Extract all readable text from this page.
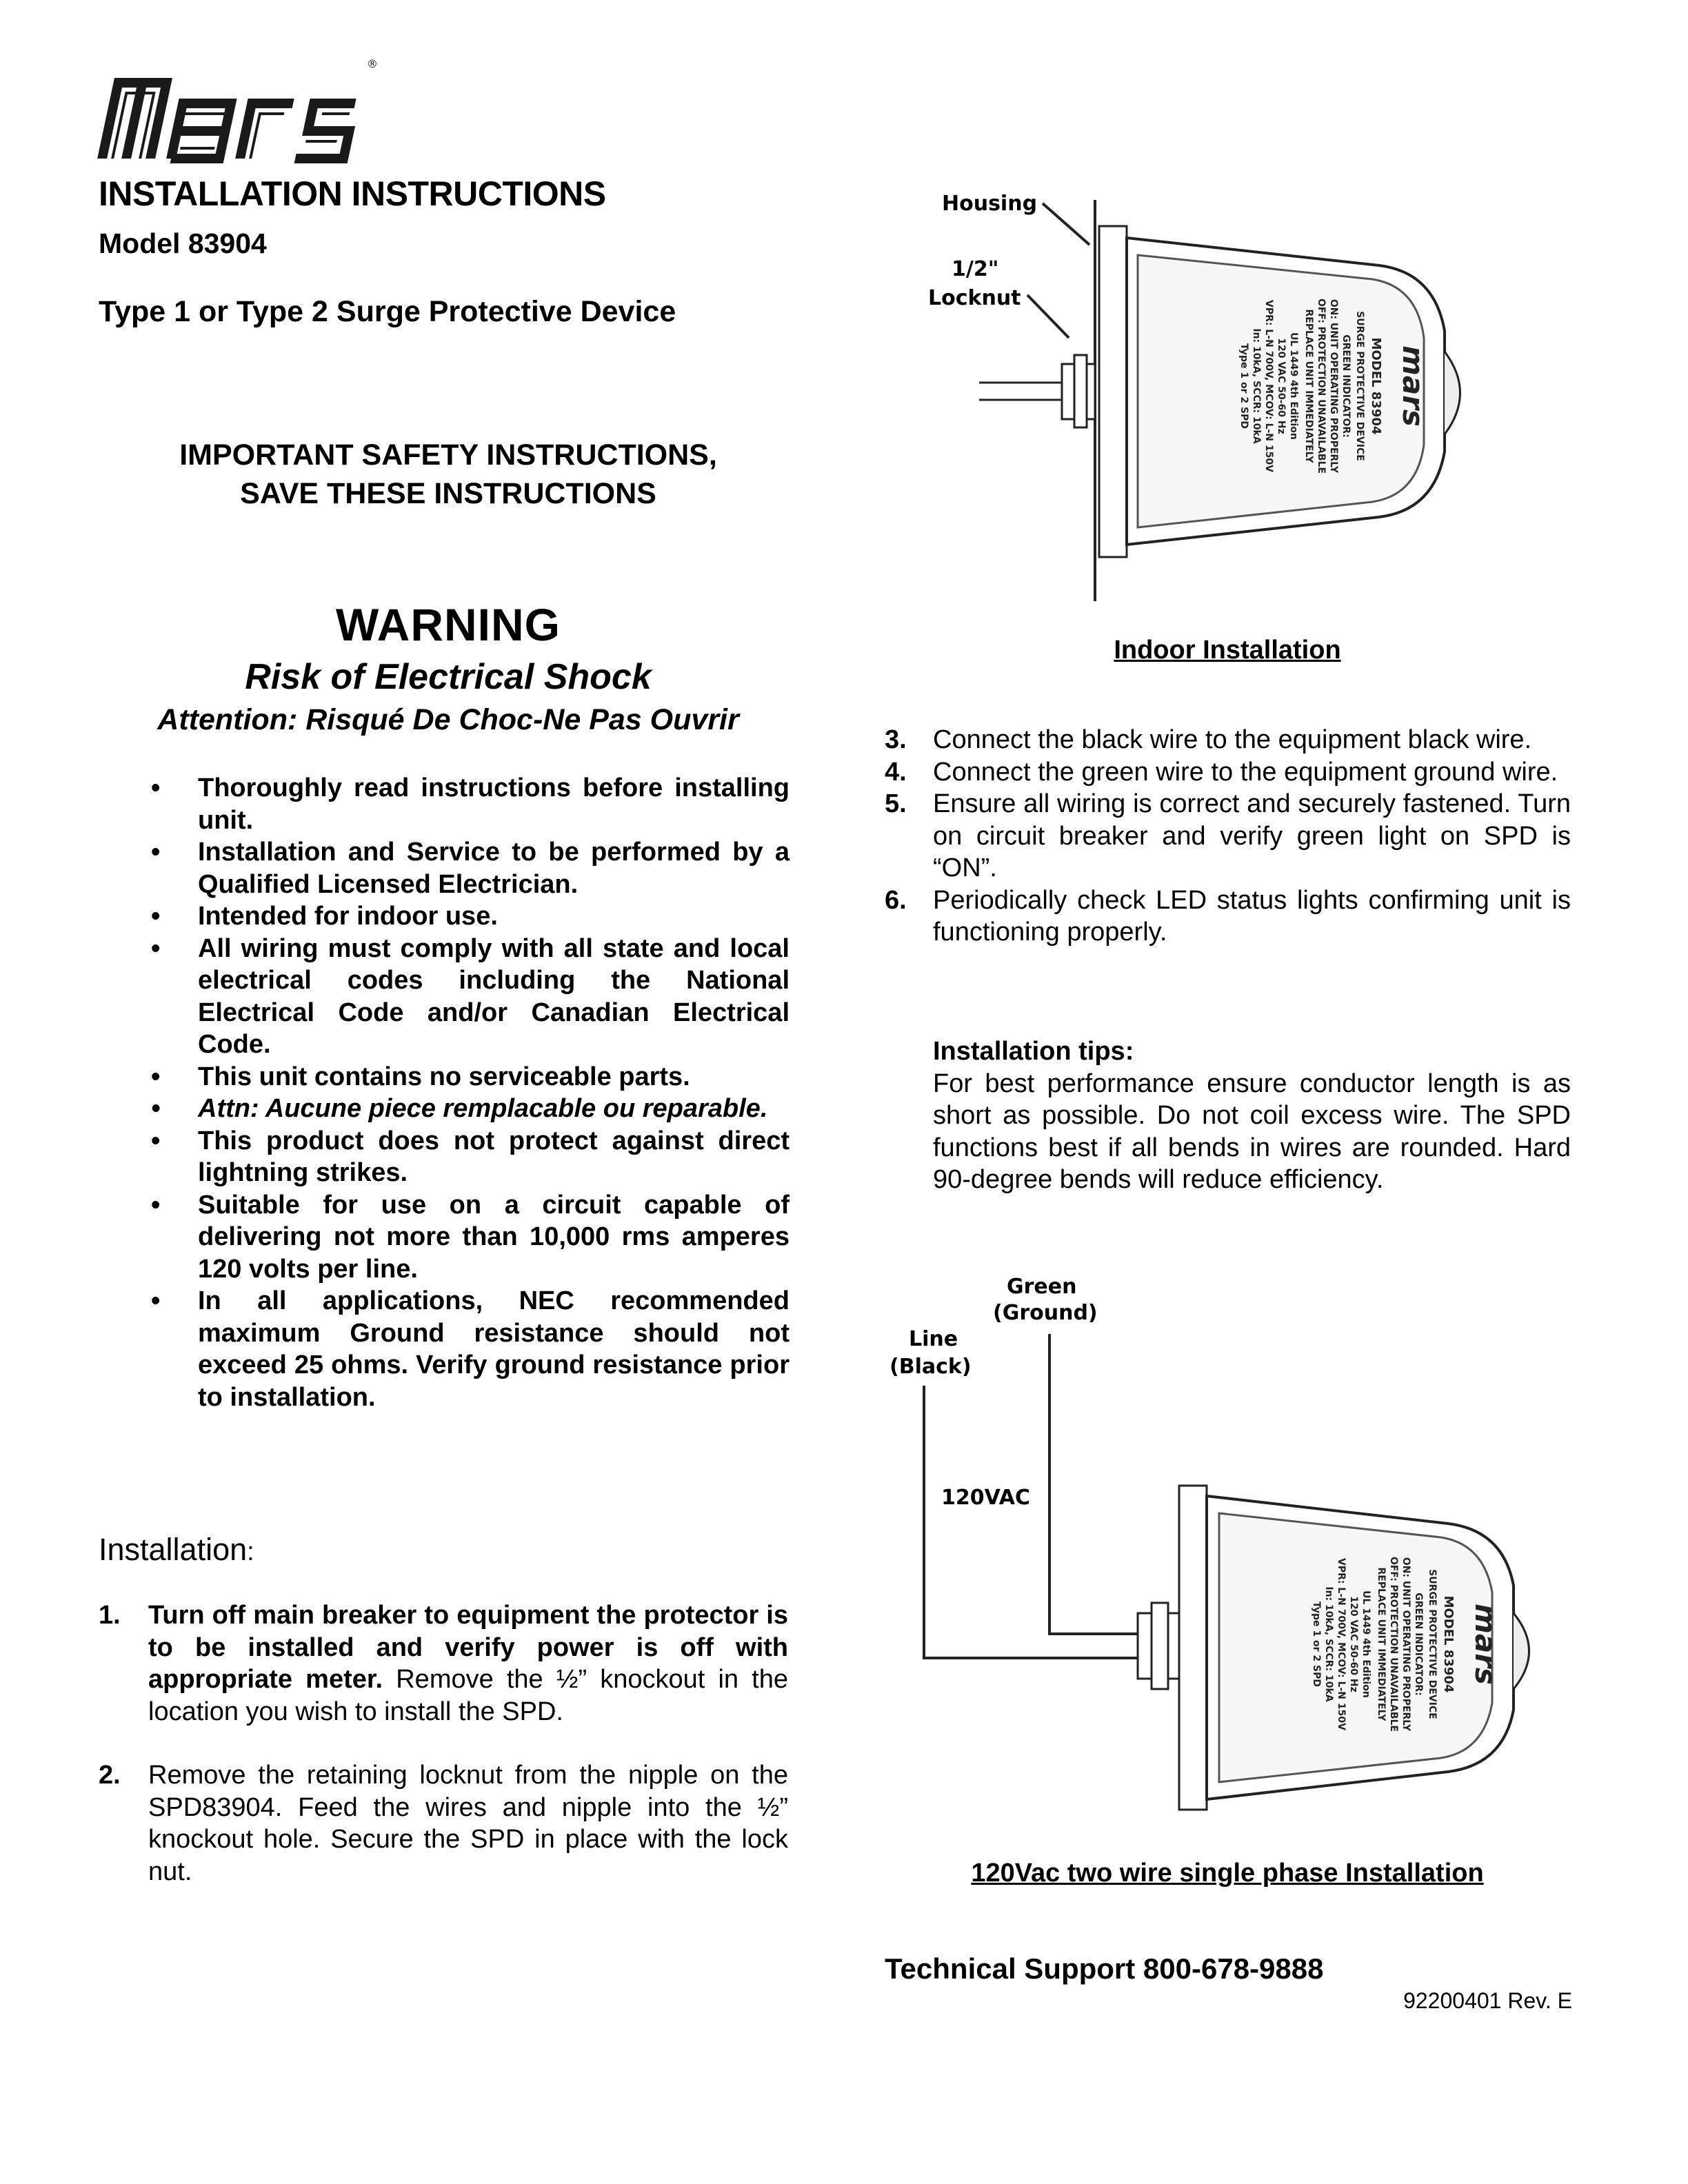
®
mars
INSTALLATION INSTRUCTIONS
Model 83904
Type 1 or Type 2 Surge Protective Device
IMPORTANT SAFETY INSTRUCTIONS,
SAVE THESE INSTRUCTIONS
WARNING
Risk of Electrical Shock
Attention: Risqué De Choc-Ne Pas Ouvrir
• Thoroughly read instructions before installing unit.
• Installation and Service to be performed by a Qualified Licensed Electrician.
• Intended for indoor use.
• All wiring must comply with all state and local electrical codes including the National Electrical Code and/or Canadian Electrical Code.
• This unit contains no serviceable parts.
• Attn: Aucune piece remplacable ou reparable.
• This product does not protect against direct lightning strikes.
• Suitable for use on a circuit capable of delivering not more than 10,000 rms amperes 120 volts per line.
• In all applications, NEC recommended maximum Ground resistance should not exceed 25 ohms. Verify ground resistance prior to installation.
Installation:
1. Turn off main breaker to equipment the protector is to be installed and verify power is off with appropriate meter. Remove the ½” knockout in the location you wish to install the SPD.
2. Remove the retaining locknut from the nipple on the SPD83904. Feed the wires and nipple into the ½” knockout hole. Secure the SPD in place with the lock nut.
Housing
1/2"
Locknut
mars
MODEL 83904
SURGE PROTECTIVE DEVICE
GREEN INDICATOR:
ON: UNIT OPERATING PROPERLY
OFF: PROTECTION UNAVAILABLE
REPLACE UNIT IMMEDIATELY
UL 1449 4th Edition
120 VAC 50-60 Hz
VPR: L-N 700V, MCOV: L-N 150V
In: 10kA, SCCR: 10kA
Type 1 or 2 SPD
Indoor Installation
3. Connect the black wire to the equipment black wire.
4. Connect the green wire to the equipment ground wire.
5. Ensure all wiring is correct and securely fastened. Turn on circuit breaker and verify green light on SPD is “ON”.
6. Periodically check LED status lights confirming unit is functioning properly.
Installation tips:
For best performance ensure conductor length is as short as possible. Do not coil excess wire. The SPD functions best if all bends in wires are rounded. Hard 90-degree bends will reduce efficiency.
Green
(Ground)
Line
(Black)
120VAC
mars
MODEL 83904
SURGE PROTECTIVE DEVICE
GREEN INDICATOR:
ON: UNIT OPERATING PROPERLY
OFF: PROTECTION UNAVAILABLE
REPLACE UNIT IMMEDIATELY
UL 1449 4th Edition
120 VAC 50-60 Hz
VPR: L-N 700V, MCOV: L-N 150V
In: 10kA, SCCR: 10kA
Type 1 or 2 SPD
120Vac two wire single phase Installation
Technical Support 800-678-9888
92200401 Rev. E
